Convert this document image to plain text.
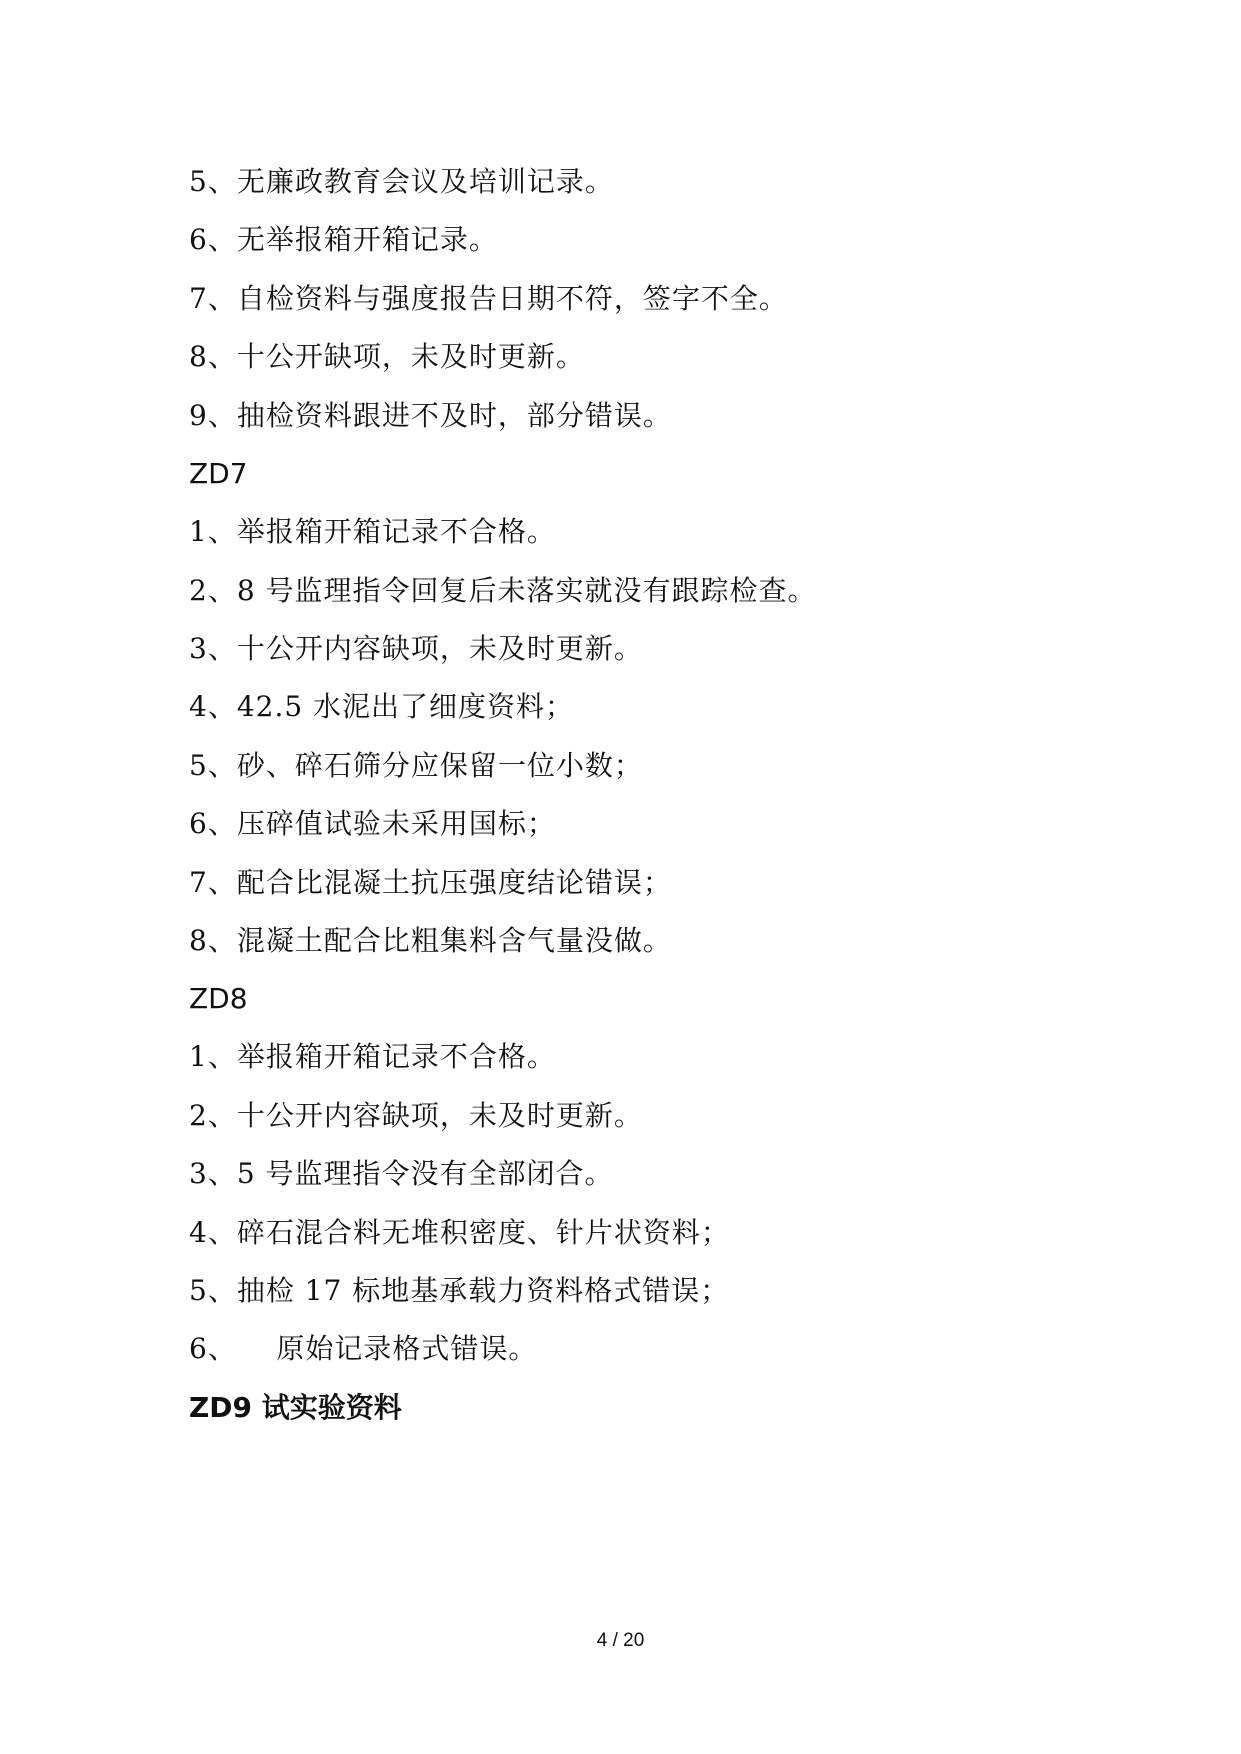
5、无廉政教育会议及培训记录。
6、无举报箱开箱记录。
7、自检资料与强度报告日期不符，签字不全。
8、十公开缺项，未及时更新。
9、抽检资料跟进不及时，部分错误。
ZD7
1、举报箱开箱记录不合格。
2、8 号监理指令回复后未落实就没有跟踪检查。
3、十公开内容缺项，未及时更新。
4、42.5 水泥出了细度资料；
5、砂、碎石筛分应保留一位小数；
6、压碎值试验未采用国标；
7、配合比混凝土抗压强度结论错误；
8、混凝土配合比粗集料含气量没做。
ZD8
1、举报箱开箱记录不合格。
2、十公开内容缺项，未及时更新。
3、5 号监理指令没有全部闭合。
4、碎石混合料无堆积密度、针片状资料；
5、抽检 17 标地基承载力资料格式错误；
6、    原始记录格式错误。
ZD9 试实验资料
4 / 20
